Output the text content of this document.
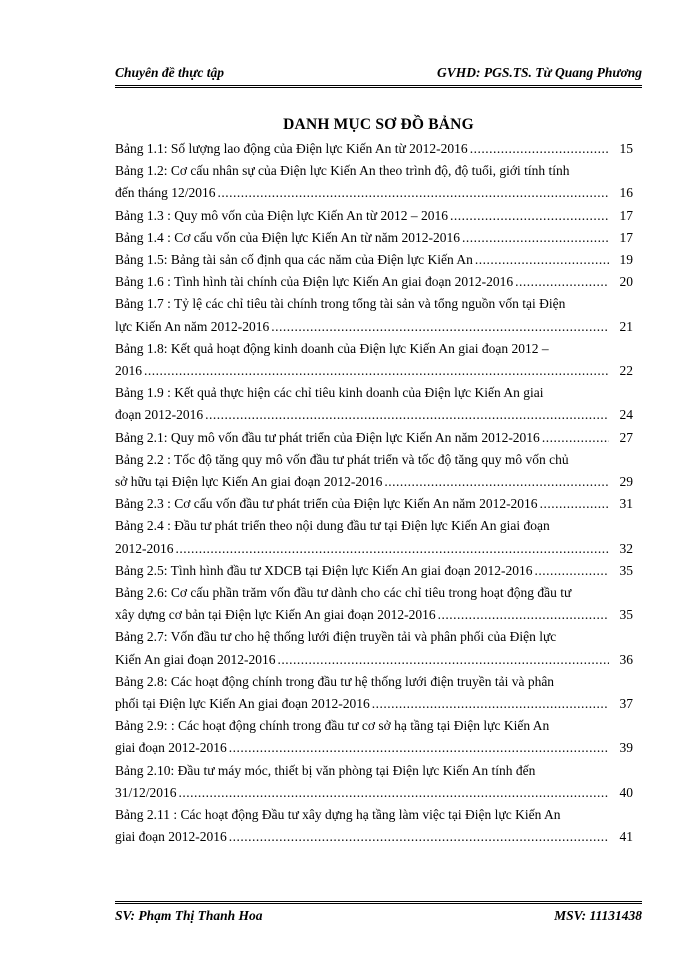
Chuyên đề thực tập	GVHD: PGS.TS. Từ Quang Phương
DANH MỤC SƠ ĐỒ BẢNG
Bảng 1.1: Số lượng lao động của Điện lực Kiến An từ 2012-2016 .....	15
Bảng 1.2: Cơ cấu nhân sự của Điện lực Kiến An theo trình độ, độ tuổi, giới tính tính
đến tháng 12/2016 .....	16
Bảng 1.3 : Quy mô vốn của Điện lực Kiến An từ 2012 – 2016 .....	17
Bảng 1.4 : Cơ cấu vốn của Điện lực Kiến An từ năm 2012-2016 .....	17
Bảng 1.5: Bảng tài sản cố định qua các năm của Điện lực Kiến An .....	19
Bảng 1.6 : Tình hình tài chính của Điện lực Kiến An giai đoạn 2012-2016 .....	20
Bảng 1.7 : Tỷ lệ các chỉ tiêu tài chính trong tổng tài sản và tổng nguồn vốn tại Điện
lực Kiến An năm 2012-2016 .....	21
Bảng 1.8: Kết quả hoạt động kinh doanh của Điện lực Kiến An giai đoạn 2012 –
2016 .....	22
Bảng 1.9 : Kết quả thực hiện các chỉ tiêu kinh doanh của Điện lực Kiến An giai
đoạn 2012-2016 .....	24
Bảng 2.1: Quy mô vốn đầu tư phát triển của Điện lực Kiến An năm 2012-2016 .....	27
Bảng 2.2 : Tốc độ tăng quy mô vốn đầu tư phát triển và tốc độ tăng quy mô vốn chủ
sở hữu tại Điện lực Kiến An giai đoạn 2012-2016 .....	29
Bảng 2.3 : Cơ cấu vốn đầu tư phát triển của Điện lực Kiến An năm 2012-2016 .....	31
Bảng 2.4 : Đầu tư phát triển theo nội dung đầu tư tại Điện lực Kiến An giai đoạn
2012-2016 .....	32
Bảng 2.5: Tình hình đầu tư XDCB tại Điện lực Kiến An giai đoạn 2012-2016 .....	35
Bảng 2.6: Cơ cấu phần trăm vốn đầu tư dành cho các chỉ tiêu trong hoạt động đầu tư
xây dựng cơ bản tại Điện lực Kiến An giai đoạn 2012-2016 .....	35
Bảng 2.7: Vốn đầu tư cho hệ thống lưới điện truyền tải và phân phối của Điện lực
Kiến An giai đoạn 2012-2016 .....	36
Bảng 2.8: Các hoạt động chính trong đầu tư hệ thống lưới điện truyền tải và phân
phối tại Điện lực Kiến An giai đoạn 2012-2016 .....	37
Bảng 2.9: : Các hoạt động chính trong đầu tư cơ sở hạ tầng tại Điện lực Kiến An
giai đoạn 2012-2016 .....	39
Bảng 2.10: Đầu tư máy móc, thiết bị văn phòng tại Điện lực Kiến An tính đến
31/12/2016 .....	40
Bảng 2.11 : Các hoạt động Đầu tư xây dựng hạ tầng làm việc tại Điện lực Kiến An
giai đoạn 2012-2016 .....	41
SV: Phạm Thị Thanh Hoa	MSV: 11131438
